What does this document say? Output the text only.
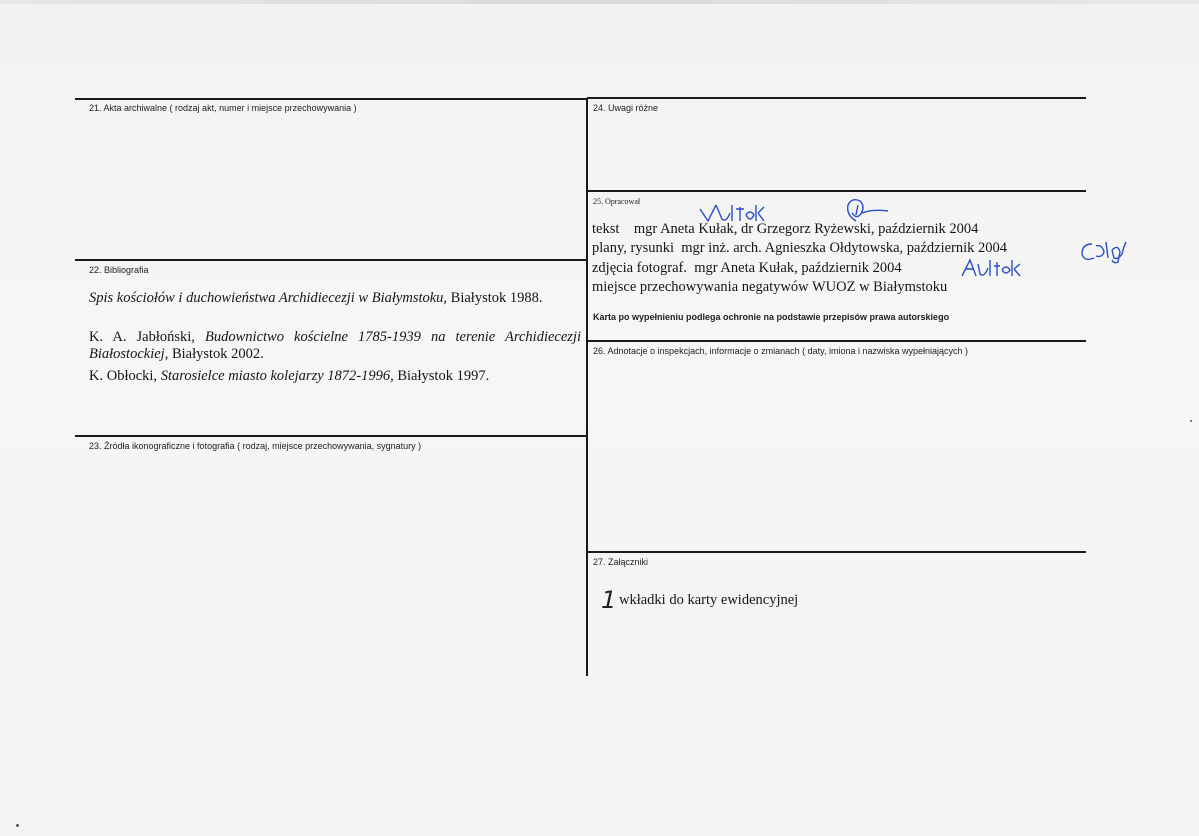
21. Akta archiwalne ( rodzaj akt, numer i miejsce przechowywania )
22. Bibliografia
Spis kościołów i duchowieństwa Archidiecezji w Białymstoku, Białystok 1988.
K. A. Jabłoński, Budownictwo kościelne 1785-1939 na terenie Archidiecezji Białostockiej, Białystok 2002.
K. Obłocki, Starosielce miasto kolejarzy 1872-1996, Białystok 1997.
23. Źródła ikonograficzne i fotografia ( rodzaj, miejsce przechowywania, sygnatury )
24. Uwagi różne
25. Opracował
tekst    mgr Aneta Kułak, dr Grzegorz Ryżewski, październik 2004
plany, rysunki  mgr inż. arch. Agnieszka Ołdytowska, październik 2004
zdjęcia fotograf.  mgr Aneta Kułak, październik 2004
miejsce przechowywania negatywów WUOZ w Białymstoku
Karta po wypełnieniu podlega ochronie na podstawie przepisów prawa autorskiego
26. Adnotacje o inspekcjach, informacje o zmianach ( daty, imiona i nazwiska wypełniających )
27. Załączniki
1 wkładki do karty ewidencyjnej
